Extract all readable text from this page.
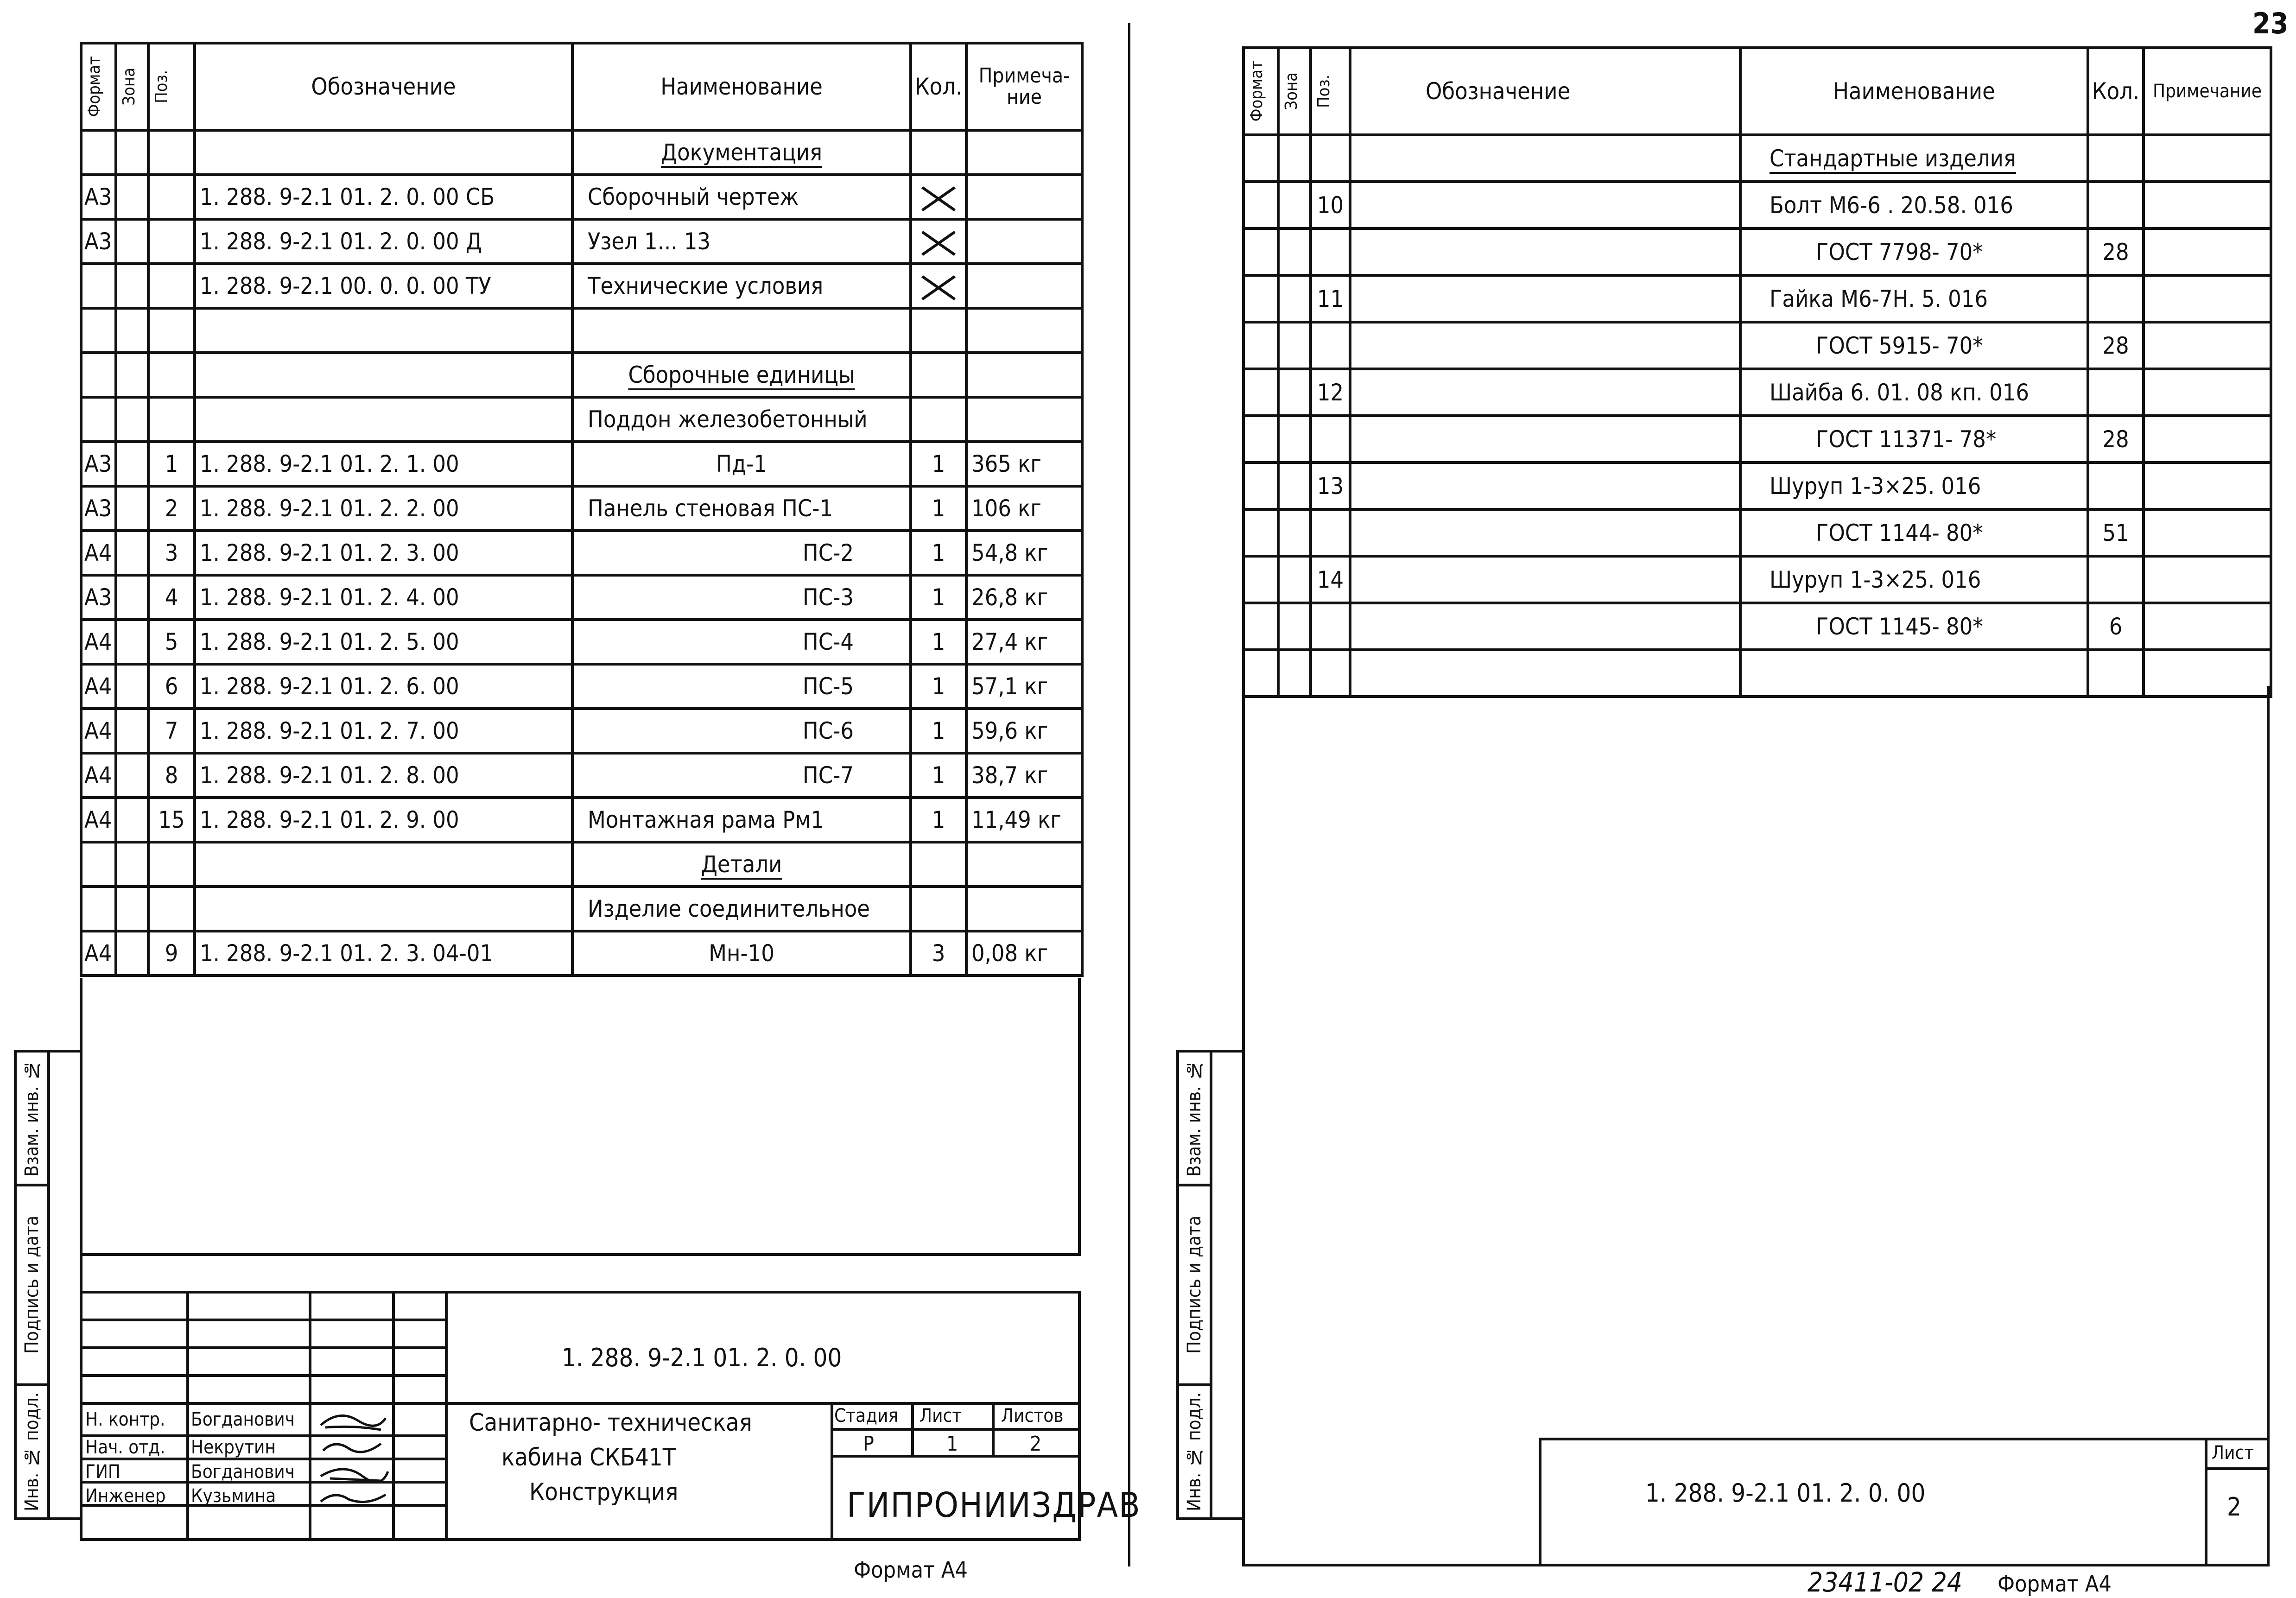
23
Формат	Зона	Поз.	Обозначение	Наименование	Кол.	Примеча-ние
				Документация		
А3			1. 288. 9-2.1 01. 2. 0. 00 СБ	Сборочный чертеж	

А3			1. 288. 9-2.1 01. 2. 0. 00 Д	Узел 1... 13	

			1. 288. 9-2.1 00. 0. 0. 00 ТУ	Технические условия	

				Сборочные единицы		
				Поддон железобетонный		
А3		1	1. 288. 9-2.1 01. 2. 1. 00	Пд-1	1	365 кг
А3		2	1. 288. 9-2.1 01. 2. 2. 00	Панель стеновая ПС-1	1	106 кг
А4		3	1. 288. 9-2.1 01. 2. 3. 00	ПС-2	1	54,8 кг
А3		4	1. 288. 9-2.1 01. 2. 4. 00	ПС-3	1	26,8 кг
А4		5	1. 288. 9-2.1 01. 2. 5. 00	ПС-4	1	27,4 кг
А4		6	1. 288. 9-2.1 01. 2. 6. 00	ПС-5	1	57,1 кг
А4		7	1. 288. 9-2.1 01. 2. 7. 00	ПС-6	1	59,6 кг
А4		8	1. 288. 9-2.1 01. 2. 8. 00	ПС-7	1	38,7 кг
А4		15	1. 288. 9-2.1 01. 2. 9. 00	Монтажная рама Рм1	1	11,49 кг
				Детали		
				Изделие соединительное		
А4		9	1. 288. 9-2.1 01. 2. 3. 04-01	Мн-10	3	0,08 кг
1. 288. 9-2.1 01. 2. 0. 00
Н. контр.
Нач. отд.
ГИП
Инженер
Богданович
Некрутин
Богданович
Кузьмина
Санитарно- техническая
кабина СКБ41Т
Конструкция
Стадия Лист Листов
Р	1	2
ГИПРОНИИЗДРАВ
Формат А4
Взам. инв. №
Подпись и дата
Инв. № подл.
Формат	Зона	Поз.	Обозначение	Наименование	Кол.	Примечание
				Стандартные изделия		
		10		Болт М6-6 . 20.58. 016		
				ГОСТ 7798- 70*	28	
		11		Гайка М6-7Н. 5. 016		
				ГОСТ 5915- 70*	28	
		12		Шайба 6. 01. 08 кп. 016		
				ГОСТ 11371- 78*	28	
		13		Шуруп 1-3×25. 016		
				ГОСТ 1144- 80*	51	
		14		Шуруп 1-3×25. 016		
				ГОСТ 1145- 80*	6	

1. 288. 9-2.1 01. 2. 0. 00
Лист
2
23411-02 24 Формат А4
Взам. инв. №
Подпись и дата
Инв. № подл.
